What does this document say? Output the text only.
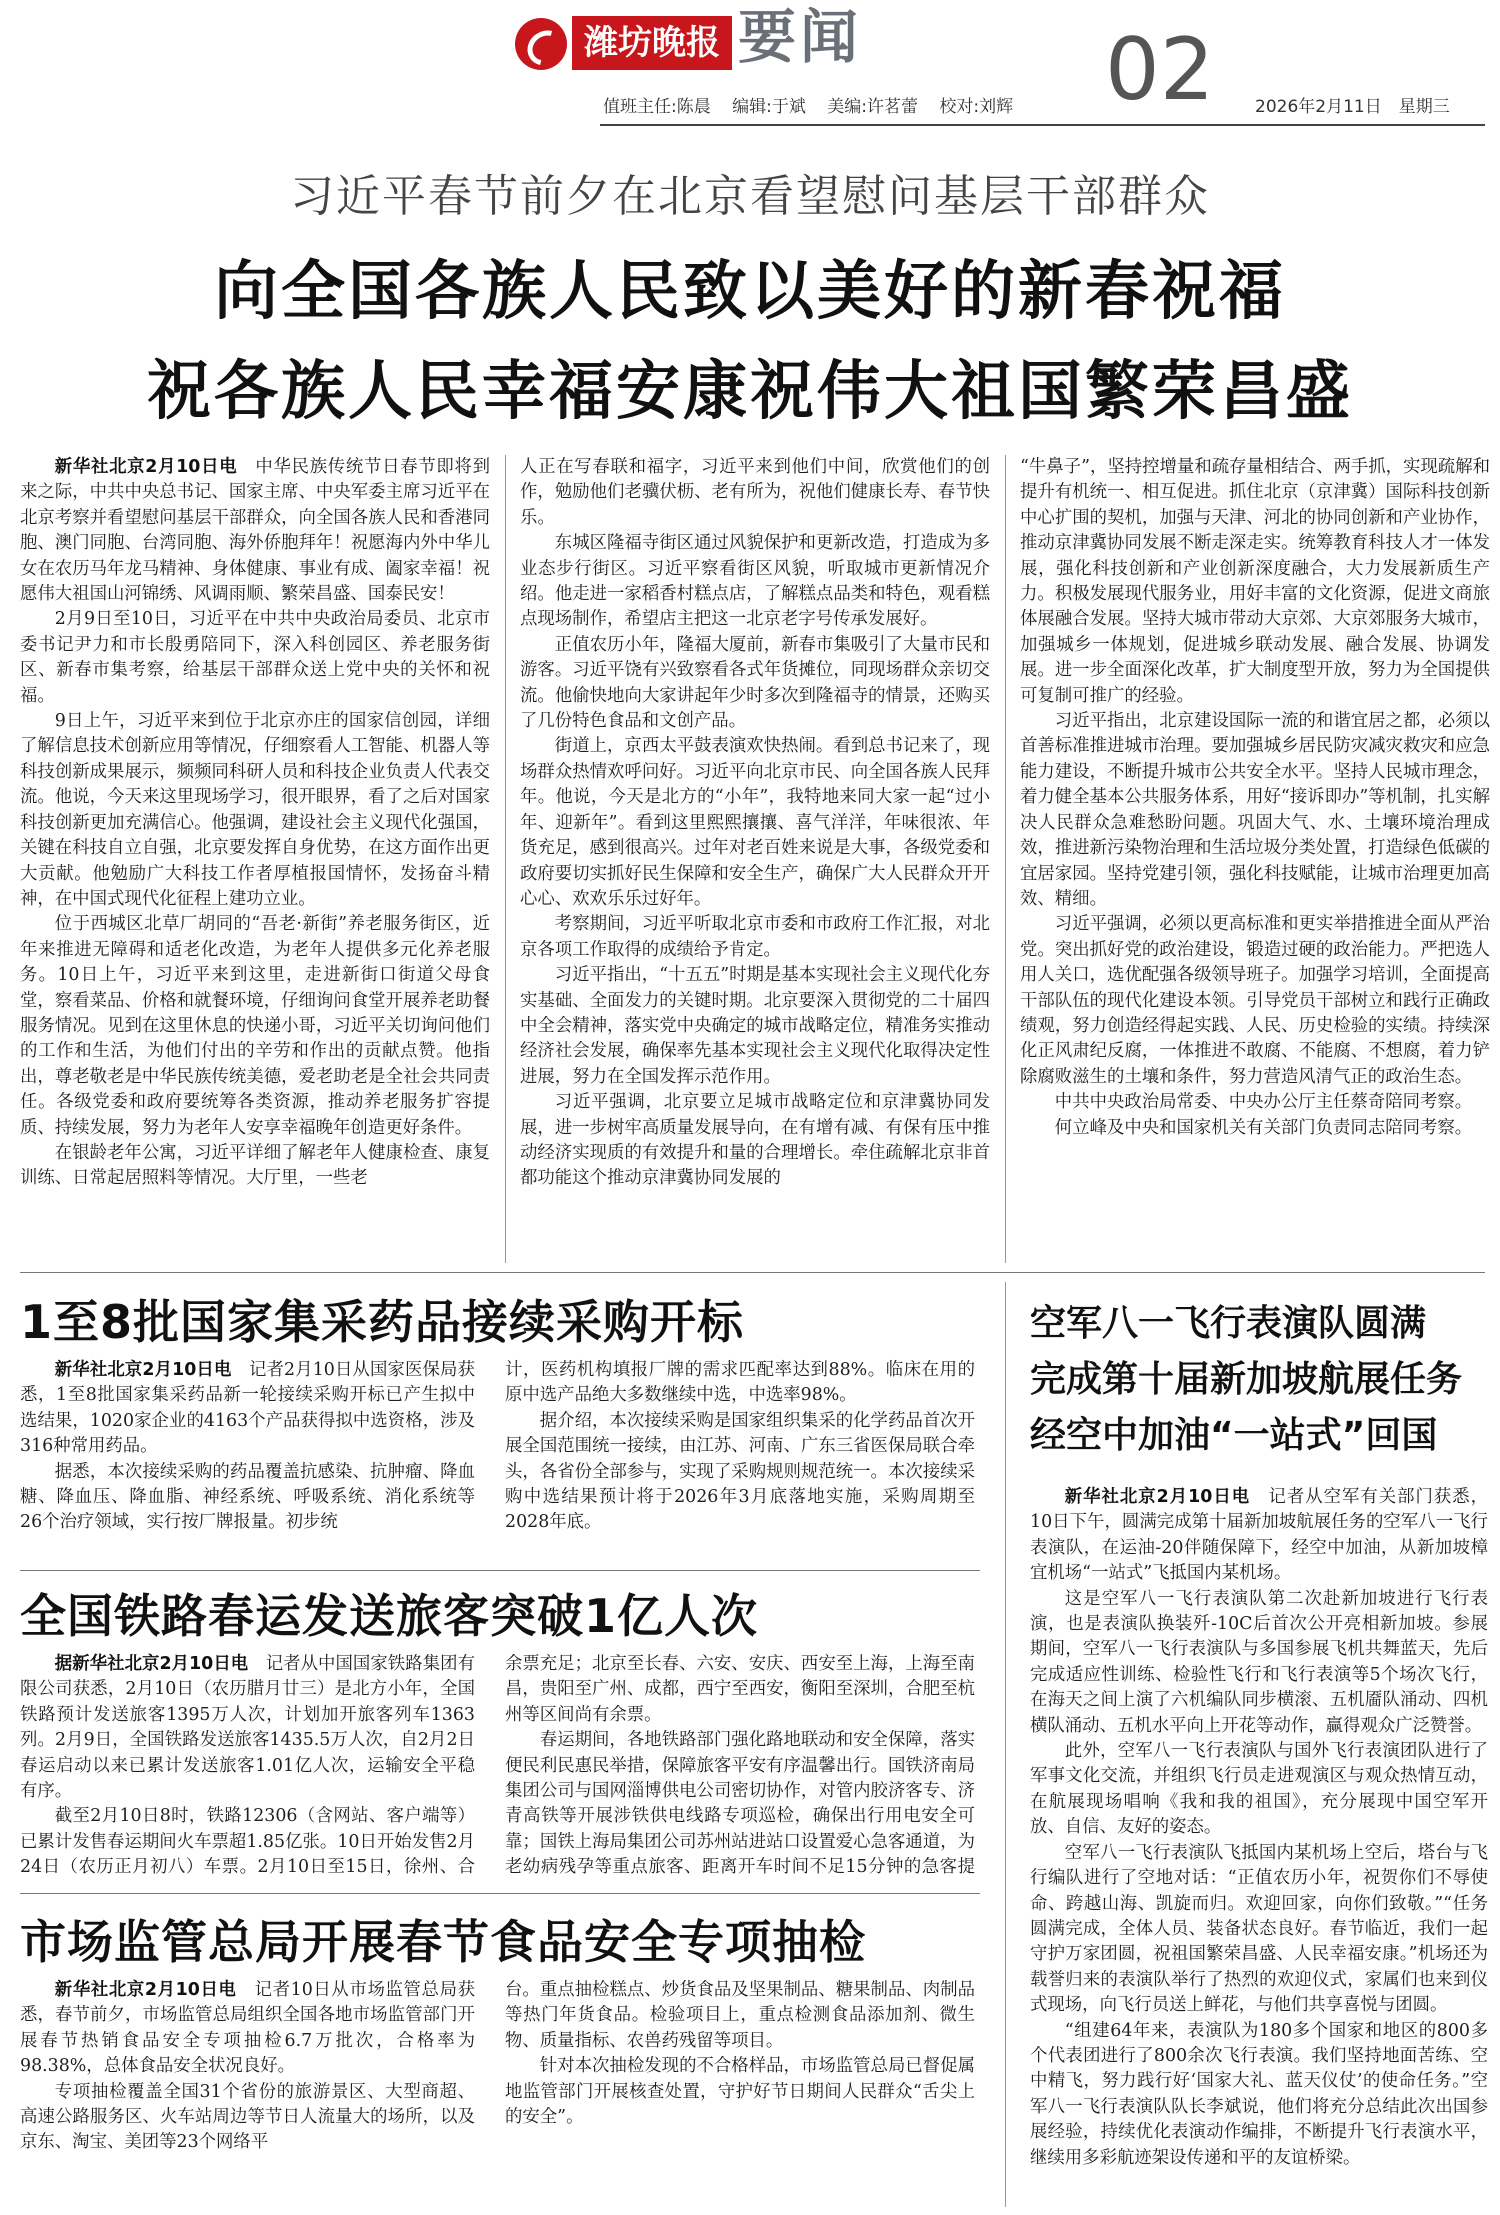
潍坊晚报 要闻	02
值班主任:陈晨 编辑:于斌 美编:许茗蕾 校对:刘辉	2026年2月11日　星期三
习近平春节前夕在北京看望慰问基层干部群众
向全国各族人民致以美好的新春祝福
祝各族人民幸福安康祝伟大祖国繁荣昌盛

新华社北京2月10日电　 中华民族传统节日春节即将到来之际，中共中央总书记、国家主席、中央军委主席习近平在北京考察并看望慰问基层干部群众，向全国各族人民和香港同胞、澳门同胞、台湾同胞、海外侨胞拜年！祝愿海内外中华儿女在农历马年龙马精神、身体健康、事业有成、阖家幸福！祝愿伟大祖国山河锦绣、风调雨顺、繁荣昌盛、国泰民安！

2月9日至10日，习近平在中共中央政治局委员、北京市委书记尹力和市长殷勇陪同下，深入科创园区、养老服务街区、新春市集考察，给基层干部群众送上党中央的关怀和祝福。

9日上午，习近平来到位于北京亦庄的国家信创园，详细了解信息技术创新应用等情况，仔细察看人工智能、机器人等科技创新成果展示，频频同科研人员和科技企业负责人代表交流。他说，今天来这里现场学习，很开眼界，看了之后对国家科技创新更加充满信心。他强调，建设社会主义现代化强国，关键在科技自立自强，北京要发挥自身优势，在这方面作出更大贡献。他勉励广大科技工作者厚植报国情怀，发扬奋斗精神，在中国式现代化征程上建功立业。

位于西城区北草厂胡同的“吾老·新街”养老服务街区，近年来推进无障碍和适老化改造，为老年人提供多元化养老服务。10日上午，习近平来到这里，走进新街口街道父母食堂，察看菜品、价格和就餐环境，仔细询问食堂开展养老助餐服务情况。见到在这里休息的快递小哥，习近平关切询问他们的工作和生活，为他们付出的辛劳和作出的贡献点赞。他指出，尊老敬老是中华民族传统美德，爱老助老是全社会共同责任。各级党委和政府要统筹各类资源，推动养老服务扩容提质、持续发展，努力为老年人安享幸福晚年创造更好条件。

在银龄老年公寓，习近平详细了解老年人健康检查、康复训练、日常起居照料等情况。大厅里，一些老

人正在写春联和福字，习近平来到他们中间，欣赏他们的创作，勉励他们老骥伏枥、老有所为，祝他们健康长寿、春节快乐。

东城区隆福寺街区通过风貌保护和更新改造，打造成为多业态步行街区。习近平察看街区风貌，听取城市更新情况介绍。他走进一家稻香村糕点店，了解糕点品类和特色，观看糕点现场制作，希望店主把这一北京老字号传承发展好。

正值农历小年，隆福大厦前，新春市集吸引了大量市民和游客。习近平饶有兴致察看各式年货摊位，同现场群众亲切交流。他偷快地向大家讲起年少时多次到隆福寺的情景，还购买了几份特色食品和文创产品。

街道上，京西太平鼓表演欢快热闹。看到总书记来了，现场群众热情欢呼问好。习近平向北京市民、向全国各族人民拜年。他说，今天是北方的“小年”，我特地来同大家一起“过小年、迎新年”。看到这里熙熙攘攘、喜气洋洋，年味很浓、年货充足，感到很高兴。过年对老百姓来说是大事，各级党委和政府要切实抓好民生保障和安全生产，确保广大人民群众开开心心、欢欢乐乐过好年。

考察期间，习近平听取北京市委和市政府工作汇报，对北京各项工作取得的成绩给予肯定。

习近平指出，“十五五”时期是基本实现社会主义现代化夯实基础、全面发力的关键时期。北京要深入贯彻党的二十届四中全会精神，落实党中央确定的城市战略定位，精准务实推动经济社会发展，确保率先基本实现社会主义现代化取得决定性进展，努力在全国发挥示范作用。

习近平强调，北京要立足城市战略定位和京津冀协同发展，进一步树牢高质量发展导向，在有增有减、有保有压中推动经济实现质的有效提升和量的合理增长。牵住疏解北京非首都功能这个推动京津冀协同发展的

“牛鼻子”，坚持控增量和疏存量相结合、两手抓，实现疏解和提升有机统一、相互促进。抓住北京（京津冀）国际科技创新中心扩围的契机，加强与天津、河北的协同创新和产业协作，推动京津冀协同发展不断走深走实。统筹教育科技人才一体发展，强化科技创新和产业创新深度融合，大力发展新质生产力。积极发展现代服务业，用好丰富的文化资源，促进文商旅体展融合发展。坚持大城市带动大京郊、大京郊服务大城市，加强城乡一体规划，促进城乡联动发展、融合发展、协调发展。进一步全面深化改革，扩大制度型开放，努力为全国提供可复制可推广的经验。

习近平指出，北京建设国际一流的和谐宜居之都，必须以首善标准推进城市治理。要加强城乡居民防灾减灾救灾和应急能力建设，不断提升城市公共安全水平。坚持人民城市理念，着力健全基本公共服务体系，用好“接诉即办”等机制，扎实解决人民群众急难愁盼问题。巩固大气、水、土壤环境治理成效，推进新污染物治理和生活垃圾分类处置，打造绿色低碳的宜居家园。坚持党建引领，强化科技赋能，让城市治理更加高效、精细。

习近平强调，必须以更高标准和更实举措推进全面从严治党。突出抓好党的政治建设，锻造过硬的政治能力。严把选人用人关口，选优配强各级领导班子。加强学习培训，全面提高干部队伍的现代化建设本领。引导党员干部树立和践行正确政绩观，努力创造经得起实践、人民、历史检验的实绩。持续深化正风肃纪反腐，一体推进不敢腐、不能腐、不想腐，着力铲除腐败滋生的土壤和条件，努力营造风清气正的政治生态。

中共中央政治局常委、中央办公厅主任蔡奇陪同考察。

何立峰及中央和国家机关有关部门负责同志陪同考察。

1至8批国家集采药品接续采购开标

新华社北京2月10日电　 记者2月10日从国家医保局获悉，1至8批国家集采药品新一轮接续采购开标已产生拟中选结果，1020家企业的4163个产品获得拟中选资格，涉及316种常用药品。

据悉，本次接续采购的药品覆盖抗感染、抗肿瘤、降血糖、降血压、降血脂、神经系统、呼吸系统、消化系统等26个治疗领域，实行按厂牌报量。初步统

计，医药机构填报厂牌的需求匹配率达到88%。临床在用的原中选产品绝大多数继续中选，中选率98%。

据介绍，本次接续采购是国家组织集采的化学药品首次开展全国范围统一接续，由江苏、河南、广东三省医保局联合牵头，各省份全部参与，实现了采购规则规范统一。本次接续采购中选结果预计将于2026年3月底落地实施，采购周期至2028年底。

全国铁路春运发送旅客突破1亿人次

据新华社北京2月10日电　 记者从中国国家铁路集团有限公司获悉，2月10日（农历腊月廿三）是北方小年，全国铁路预计发送旅客1395万人次，计划加开旅客列车1363列。2月9日，全国铁路发送旅客1435.5万人次，自2月2日春运启动以来已累计发送旅客1.01亿人次，运输安全平稳有序。

截至2月10日8时，铁路12306（含网站、客户端等）已累计发售春运期间火车票超1.85亿张。10日开始发售2月24日（农历正月初八）车票。2月10日至15日，徐州、合

余票充足；北京至长春、六安、安庆、西安至上海，上海至南昌，贵阳至广州、成都，西宁至西安，衡阳至深圳，合肥至杭州等区间尚有余票。

春运期间，各地铁路部门强化路地联动和安全保障，落实便民利民惠民举措，保障旅客平安有序温馨出行。国铁济南局集团公司与国网淄博供电公司密切协作，对管内胶济客专、济青高铁等开展涉铁供电线路专项巡检，确保出行用电安全可靠；国铁上海局集团公司苏州站进站口设置爱心急客通道，为老幼病残孕等重点旅客、距离开车时间不足15分钟的急客提

市场监管总局开展春节食品安全专项抽检

新华社北京2月10日电　 记者10日从市场监管总局获悉，春节前夕，市场监管总局组织全国各地市场监管部门开展春节热销食品安全专项抽检6.7万批次，合格率为98.38%，总体食品安全状况良好。

专项抽检覆盖全国31个省份的旅游景区、大型商超、高速公路服务区、火车站周边等节日人流量大的场所，以及京东、淘宝、美团等23个网络平

台。重点抽检糕点、炒货食品及坚果制品、糖果制品、肉制品等热门年货食品。检验项目上，重点检测食品添加剂、微生物、质量指标、农兽药残留等项目。

针对本次抽检发现的不合格样品，市场监管总局已督促属地监管部门开展核查处置，守护好节日期间人民群众“舌尖上的安全”。

空军八一飞行表演队圆满
完成第十届新加坡航展任务
经空中加油“一站式”回国

新华社北京2月10日电　 记者从空军有关部门获悉，10日下午，圆满完成第十届新加坡航展任务的空军八一飞行表演队，在运油-20伴随保障下，经空中加油，从新加坡樟宜机场“一站式”飞抵国内某机场。

这是空军八一飞行表演队第二次赴新加坡进行飞行表演，也是表演队换装歼-10C后首次公开亮相新加坡。参展期间，空军八一飞行表演队与多国参展飞机共舞蓝天，先后完成适应性训练、检验性飞行和飞行表演等5个场次飞行，在海天之间上演了六机编队同步横滚、五机靥队涌动、四机横队涌动、五机水平向上开花等动作，赢得观众广泛赞誉。

此外，空军八一飞行表演队与国外飞行表演团队进行了军事文化交流，并组织飞行员走进观演区与观众热情互动，在航展现场唱响《我和我的祖国》，充分展现中国空军开放、自信、友好的姿态。

空军八一飞行表演队飞抵国内某机场上空后，塔台与飞行编队进行了空地对话：“正值农历小年，祝贺你们不辱使命、跨越山海、凯旋而归。欢迎回家，向你们致敬。”“任务圆满完成，全体人员、装备状态良好。春节临近，我们一起守护万家团圆，祝祖国繁荣昌盛、人民幸福安康。”机场还为载誉归来的表演队举行了热烈的欢迎仪式，家属们也来到仪式现场，向飞行员送上鲜花，与他们共享喜悦与团圆。

“组建64年来，表演队为180多个国家和地区的800多个代表团进行了800余次飞行表演。我们坚持地面苦练、空中精飞，努力践行好‘国家大礼、蓝天仪仗’的使命任务。”空军八一飞行表演队队长李斌说，他们将充分总结此次出国参展经验，持续优化表演动作编排，不断提升飞行表演水平，继续用多彩航迹架设传递和平的友谊桥梁。
